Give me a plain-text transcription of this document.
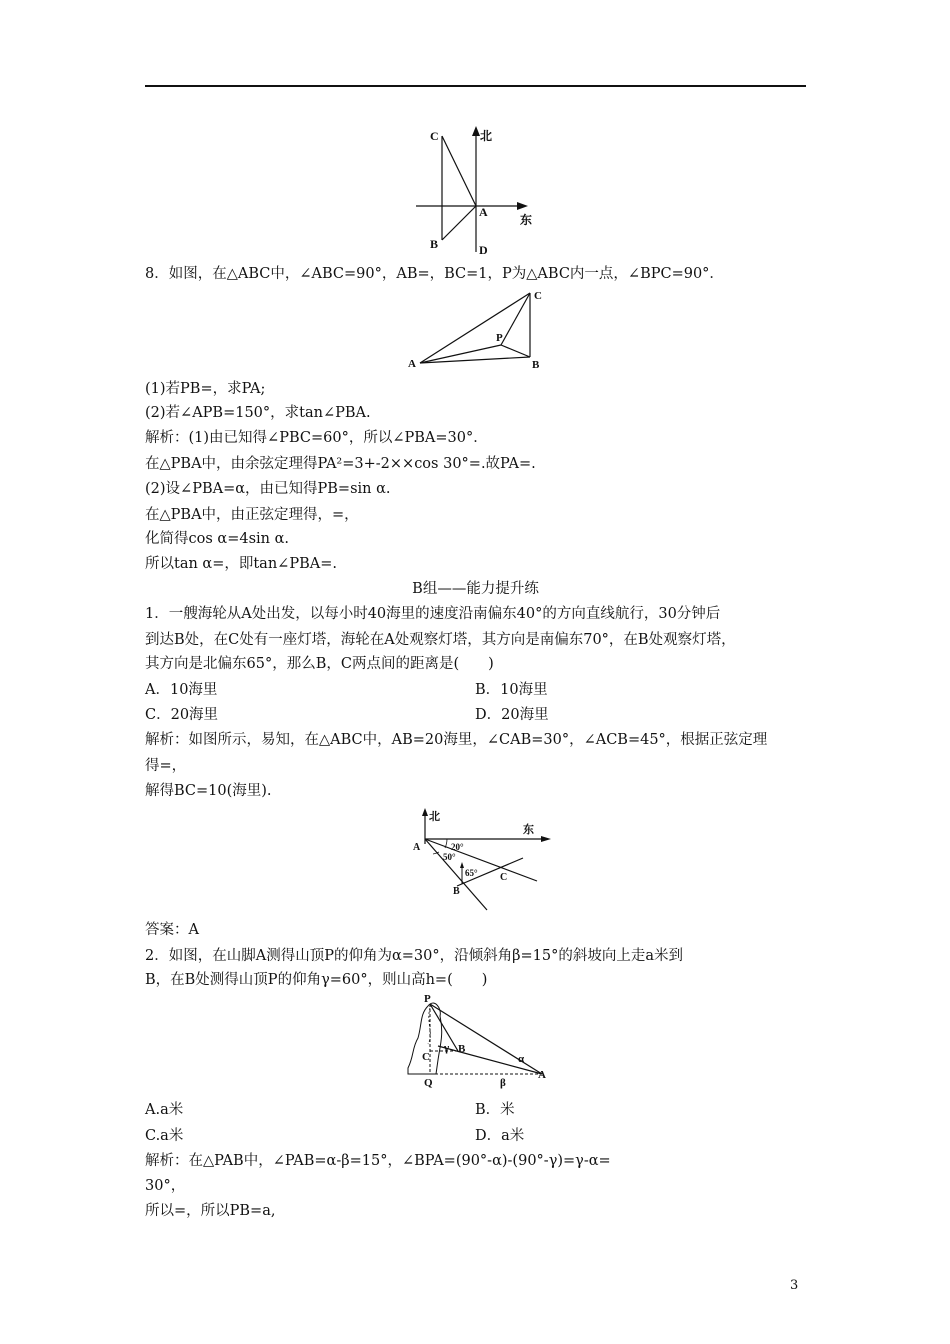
C	北
A
东
B	D
8．如图，在△ABC中，∠ABC=90°，AB=，BC=1，P为△ABC内一点，∠BPC=90°．
C
P
A	B
(1)若PB=，求PA;
(2)若∠APB=150°，求tan∠PBA.
解析：(1)由已知得∠PBC=60°，所以∠PBA=30°．
在△PBA中，由余弦定理得PA²=3+-2××cos 30°=.故PA=.
(2)设∠PBA=α，由已知得PB=sin α.
在△PBA中，由正弦定理得，=，
化简得cos α=4sin α.
所以tan α=，即tan∠PBA=.
B组——能力提升练
1．一艘海轮从A处出发，以每小时40海里的速度沿南偏东40°的方向直线航行，30分钟后
到达B处，在C处有一座灯塔，海轮在A处观察灯塔，其方向是南偏东70°，在B处观察灯塔，
其方向是北偏东65°，那么B，C两点间的距离是(　　)
A．10海里	B．10海里
C．20海里	D．20海里
解析：如图所示，易知，在△ABC中，AB=20海里，∠CAB=30°，∠ACB=45°，根据正弦定理
得=，
解得BC=10(海里).
北
东
A	20°
50°
65° C
B
答案：A
2．如图，在山脚A测得山顶P的仰角为α=30°，沿倾斜角β=15°的斜坡向上走a米到
B，在B处测得山顶P的仰角γ=60°，则山高h=(　　)
P
C
γ B
α
A
Q	β
A.a米	B．米
C.a米	D．a米
解析：在△PAB中，∠PAB=α-β=15°，∠BPA=(90°-α)-(90°-γ)=γ-α=
30°，
所以=，所以PB=a,
3
